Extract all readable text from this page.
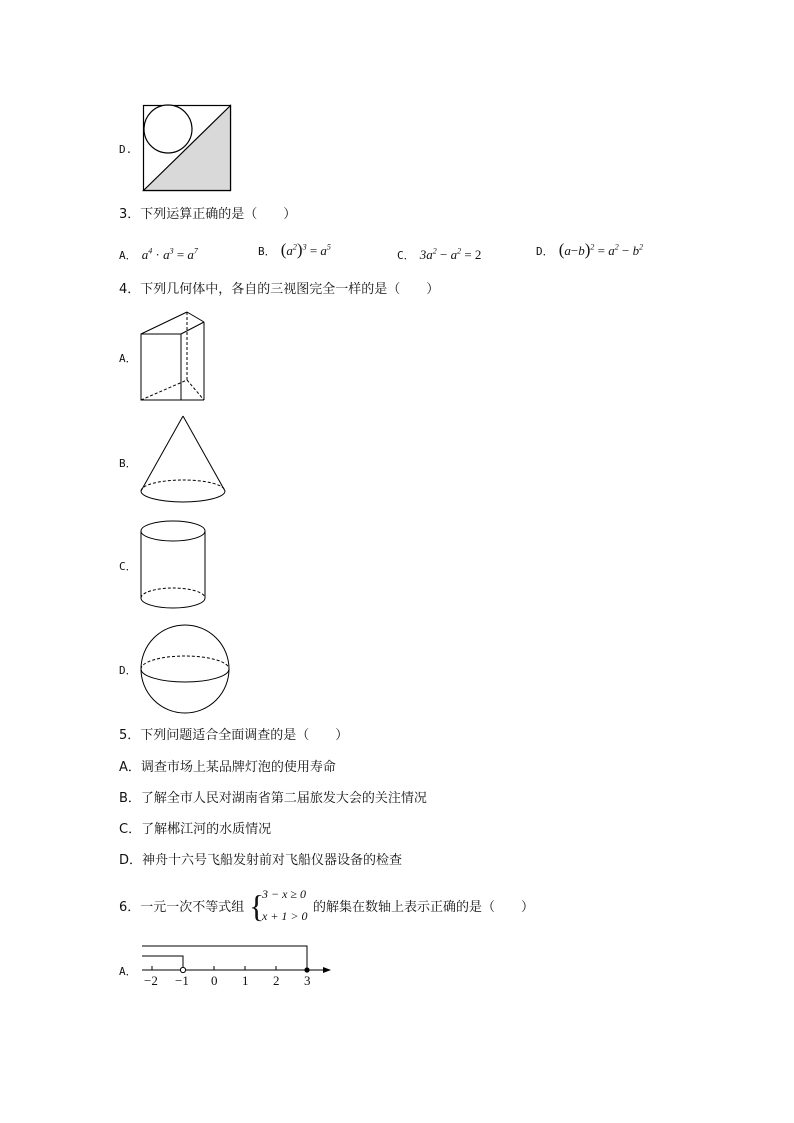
D.
3．下列运算正确的是（　　）
A． $a^4 \cdot a^3 = a^7$	B． $(a^2)^3 = a^5$
C． $3a^2 - a^2 = 2$	D． $(a-b)^2 = a^2 - b^2$
4．下列几何体中，各自的三视图完全一样的是（　　）
A．
B．
C．
D．
5．下列问题适合全面调查的是（　　）
A．调查市场上某品牌灯泡的使用寿命
B．了解全市人民对湖南省第二届旅发大会的关注情况
C．了解郴江河的水质情况
D．神舟十六号飞船发射前对飞船仪器设备的检查
6．一元一次不等式组 {
3 − x ≥ 0
x + 1 > 0
的解集在数轴上表示正确的是（　　）
A．
−2 −1 0 1 2 3
